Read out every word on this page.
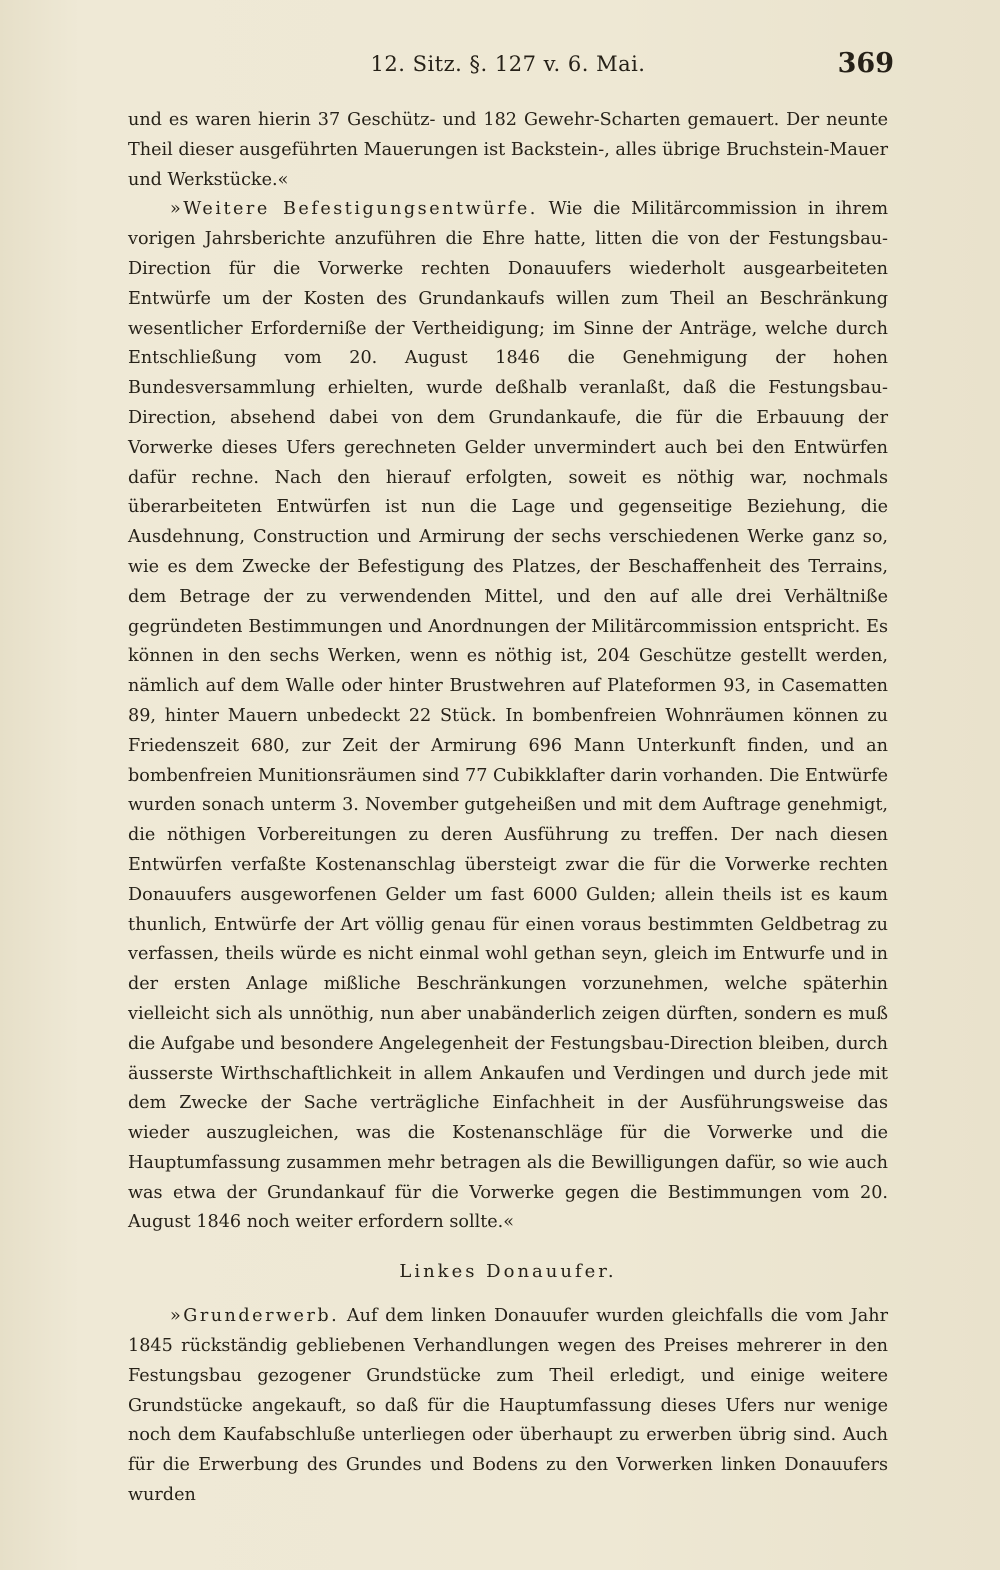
12. Sitz. §. 127 v. 6. Mai.	369

und es waren hierin 37 Geschütz- und 182 Gewehr-Scharten gemauert. Der neunte Theil dieser ausgeführten Mauerungen ist Backstein-, alles übrige Bruchstein-Mauer und Werkstücke.«

»Weitere Befestigungsentwürfe. Wie die Militärcommission in ihrem vorigen Jahrsberichte anzuführen die Ehre hatte, litten die von der Festungsbau-Direction für die Vorwerke rechten Donauufers wiederholt ausgearbeiteten Entwürfe um der Kosten des Grundankaufs willen zum Theil an Beschränkung wesentlicher Erforderniße der Vertheidigung; im Sinne der Anträge, welche durch Entschließung vom 20. August 1846 die Genehmigung der hohen Bundesversammlung erhielten, wurde deßhalb veranlaßt, daß die Festungsbau-Direction, absehend dabei von dem Grundankaufe, die für die Erbauung der Vorwerke dieses Ufers gerechneten Gelder unvermindert auch bei den Entwürfen dafür rechne. Nach den hierauf erfolgten, soweit es nöthig war, nochmals überarbeiteten Entwürfen ist nun die Lage und gegenseitige Beziehung, die Ausdehnung, Construction und Armirung der sechs verschiedenen Werke ganz so, wie es dem Zwecke der Befestigung des Platzes, der Beschaffenheit des Terrains, dem Betrage der zu verwendenden Mittel, und den auf alle drei Verhältniße gegründeten Bestimmungen und Anordnungen der Militärcommission entspricht. Es können in den sechs Werken, wenn es nöthig ist, 204 Geschütze gestellt werden, nämlich auf dem Walle oder hinter Brustwehren auf Plateformen 93, in Casematten 89, hinter Mauern unbedeckt 22 Stück. In bombenfreien Wohnräumen können zu Friedenszeit 680, zur Zeit der Armirung 696 Mann Unterkunft finden, und an bombenfreien Munitionsräumen sind 77 Cubikklafter darin vorhanden. Die Entwürfe wurden sonach unterm 3. November gutgeheißen und mit dem Auftrage genehmigt, die nöthigen Vorbereitungen zu deren Ausführung zu treffen. Der nach diesen Entwürfen verfaßte Kostenanschlag übersteigt zwar die für die Vorwerke rechten Donauufers ausgeworfenen Gelder um fast 6000 Gulden; allein theils ist es kaum thunlich, Entwürfe der Art völlig genau für einen voraus bestimmten Geldbetrag zu verfassen, theils würde es nicht einmal wohl gethan seyn, gleich im Entwurfe und in der ersten Anlage mißliche Beschränkungen vorzunehmen, welche späterhin vielleicht sich als unnöthig, nun aber unabänderlich zeigen dürften, sondern es muß die Aufgabe und besondere Angelegenheit der Festungsbau-Direction bleiben, durch äusserste Wirthschaftlichkeit in allem Ankaufen und Verdingen und durch jede mit dem Zwecke der Sache verträgliche Einfachheit in der Ausführungsweise das wieder auszugleichen, was die Kostenanschläge für die Vorwerke und die Hauptumfassung zusammen mehr betragen als die Bewilligungen dafür, so wie auch was etwa der Grundankauf für die Vorwerke gegen die Bestimmungen vom 20. August 1846 noch weiter erfordern sollte.«

Linkes Donauufer.

»Grunderwerb. Auf dem linken Donauufer wurden gleichfalls die vom Jahr 1845 rückständig gebliebenen Verhandlungen wegen des Preises mehrerer in den Festungsbau gezogener Grundstücke zum Theil erledigt, und einige weitere Grundstücke angekauft, so daß für die Hauptumfassung dieses Ufers nur wenige noch dem Kaufabschluße unterliegen oder überhaupt zu erwerben übrig sind. Auch für die Erwerbung des Grundes und Bodens zu den Vorwerken linken Donauufers wurden
